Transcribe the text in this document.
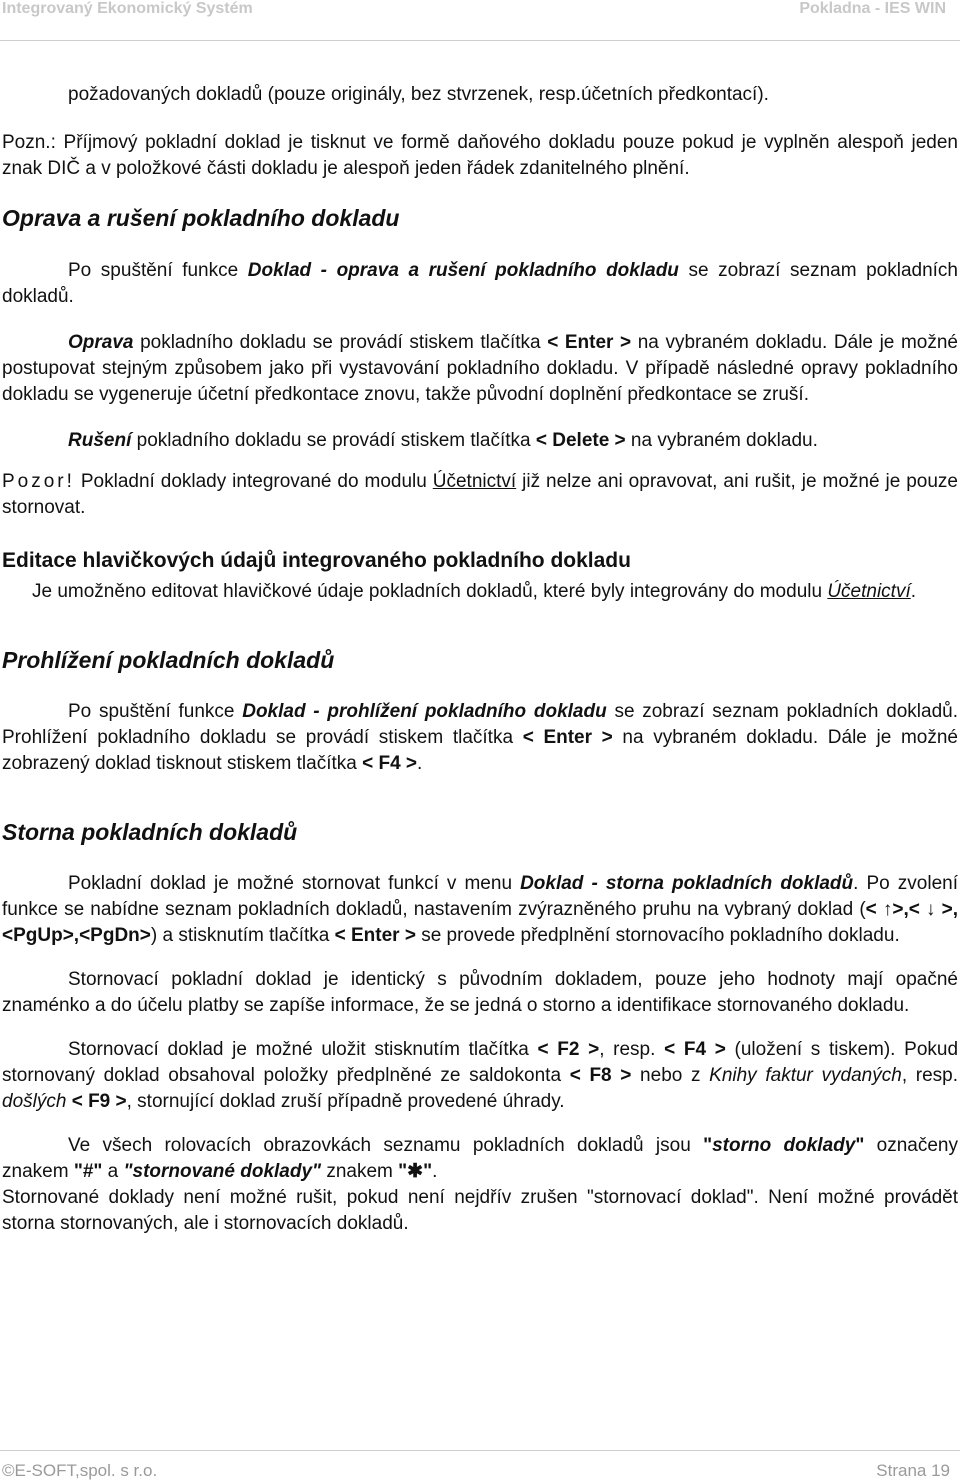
Integrovaný Ekonomický Systém	Pokladna - IES WIN

požadovaných dokladů (pouze originály, bez stvrzenek, resp.účetních předkontací).

Pozn.: Příjmový pokladní doklad je tisknut ve formě daňového dokladu pouze pokud je vyplněn alespoň jeden znak DIČ a v položkové části dokladu je alespoň jeden řádek zdanitelného plnění.

Oprava a rušení pokladního dokladu

Po spuštění funkce Doklad - oprava a rušení pokladního dokladu se zobrazí seznam pokladních dokladů.

Oprava pokladního dokladu se provádí stiskem tlačítka < Enter > na vybraném dokladu. Dále je možné postupovat stejným způsobem jako při vystavování pokladního dokladu. V případě následné opravy pokladního dokladu se vygeneruje účetní předkontace znovu, takže původní doplnění předkontace se zruší.

Rušení pokladního dokladu se provádí stiskem tlačítka < Delete > na vybraném dokladu.

Pozor! Pokladní doklady integrované do modulu Účetnictví již nelze ani opravovat, ani rušit, je možné je pouze stornovat.

Editace hlavičkových údajů integrovaného pokladního dokladu

Je umožněno editovat hlavičkové údaje pokladních dokladů, které byly integrovány do modulu Účetnictví.

Prohlížení pokladních dokladů

Po spuštění funkce Doklad - prohlížení pokladního dokladu se zobrazí seznam pokladních dokladů. Prohlížení pokladního dokladu se provádí stiskem tlačítka < Enter > na vybraném dokladu. Dále je možné zobrazený doklad tisknout stiskem tlačítka < F4 >.

Storna pokladních dokladů

Pokladní doklad je možné stornovat funkcí v menu Doklad - storna pokladních dokladů. Po zvolení funkce se nabídne seznam pokladních dokladů, nastavením zvýrazněného pruhu na vybraný doklad (< ↑>,< ↓ >,<PgUp>,<PgDn>) a stisknutím tlačítka < Enter > se provede předplnění stornovacího pokladního dokladu.

Stornovací pokladní doklad je identický s původním dokladem, pouze jeho hodnoty mají opačné znaménko a do účelu platby se zapíše informace, že se jedná o storno a identifikace stornovaného dokladu.

Stornovací doklad je možné uložit stisknutím tlačítka < F2 >, resp. < F4 > (uložení s tiskem). Pokud stornovaný doklad obsahoval položky předplněné ze saldokonta < F8 > nebo z Knihy faktur vydaných, resp. došlých < F9 >, stornující doklad zruší případně provedené úhrady.

Ve všech rolovacích obrazovkách seznamu pokladních dokladů jsou "storno doklady" označeny znakem "#" a "stornované doklady" znakem "✱".

Stornované doklady není možné rušit, pokud není nejdřív zrušen "stornovací doklad". Není možné provádět storna stornovaných, ale i stornovacích dokladů.

©E-SOFT,spol. s r.o.	Strana 19
